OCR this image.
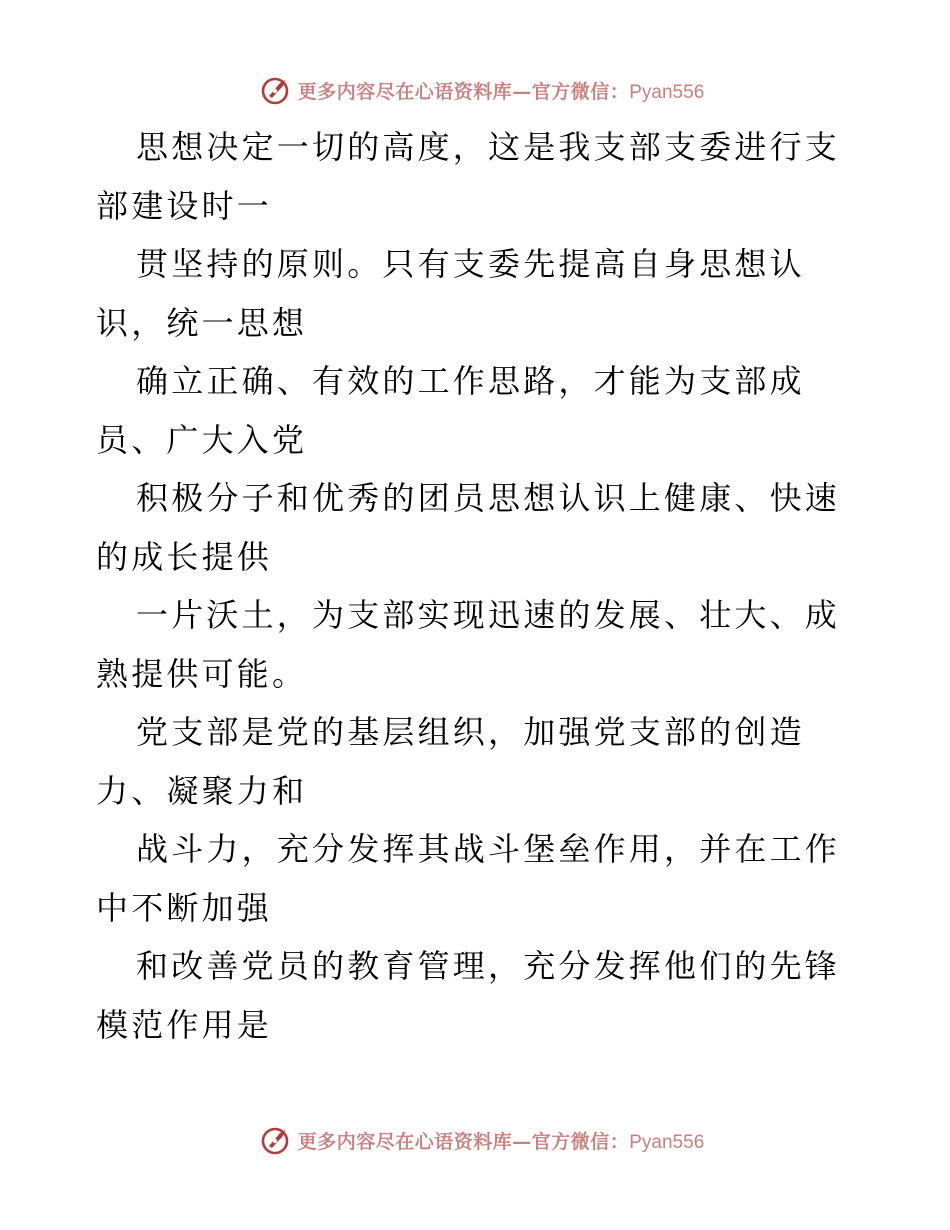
更多内容尽在心语资料库—官方微信：Pyan556

思想决定一切的高度，这是我支部支委进行支部建设时一

贯坚持的原则。只有支委先提高自身思想认识，统一思想

确立正确、有效的工作思路，才能为支部成员、广大入党

积极分子和优秀的团员思想认识上健康、快速的成长提供

一片沃土，为支部实现迅速的发展、壮大、成熟提供可能。

党支部是党的基层组织，加强党支部的创造力、凝聚力和

战斗力，充分发挥其战斗堡垒作用，并在工作中不断加强

和改善党员的教育管理，充分发挥他们的先锋模范作用是

更多内容尽在心语资料库—官方微信：Pyan556
